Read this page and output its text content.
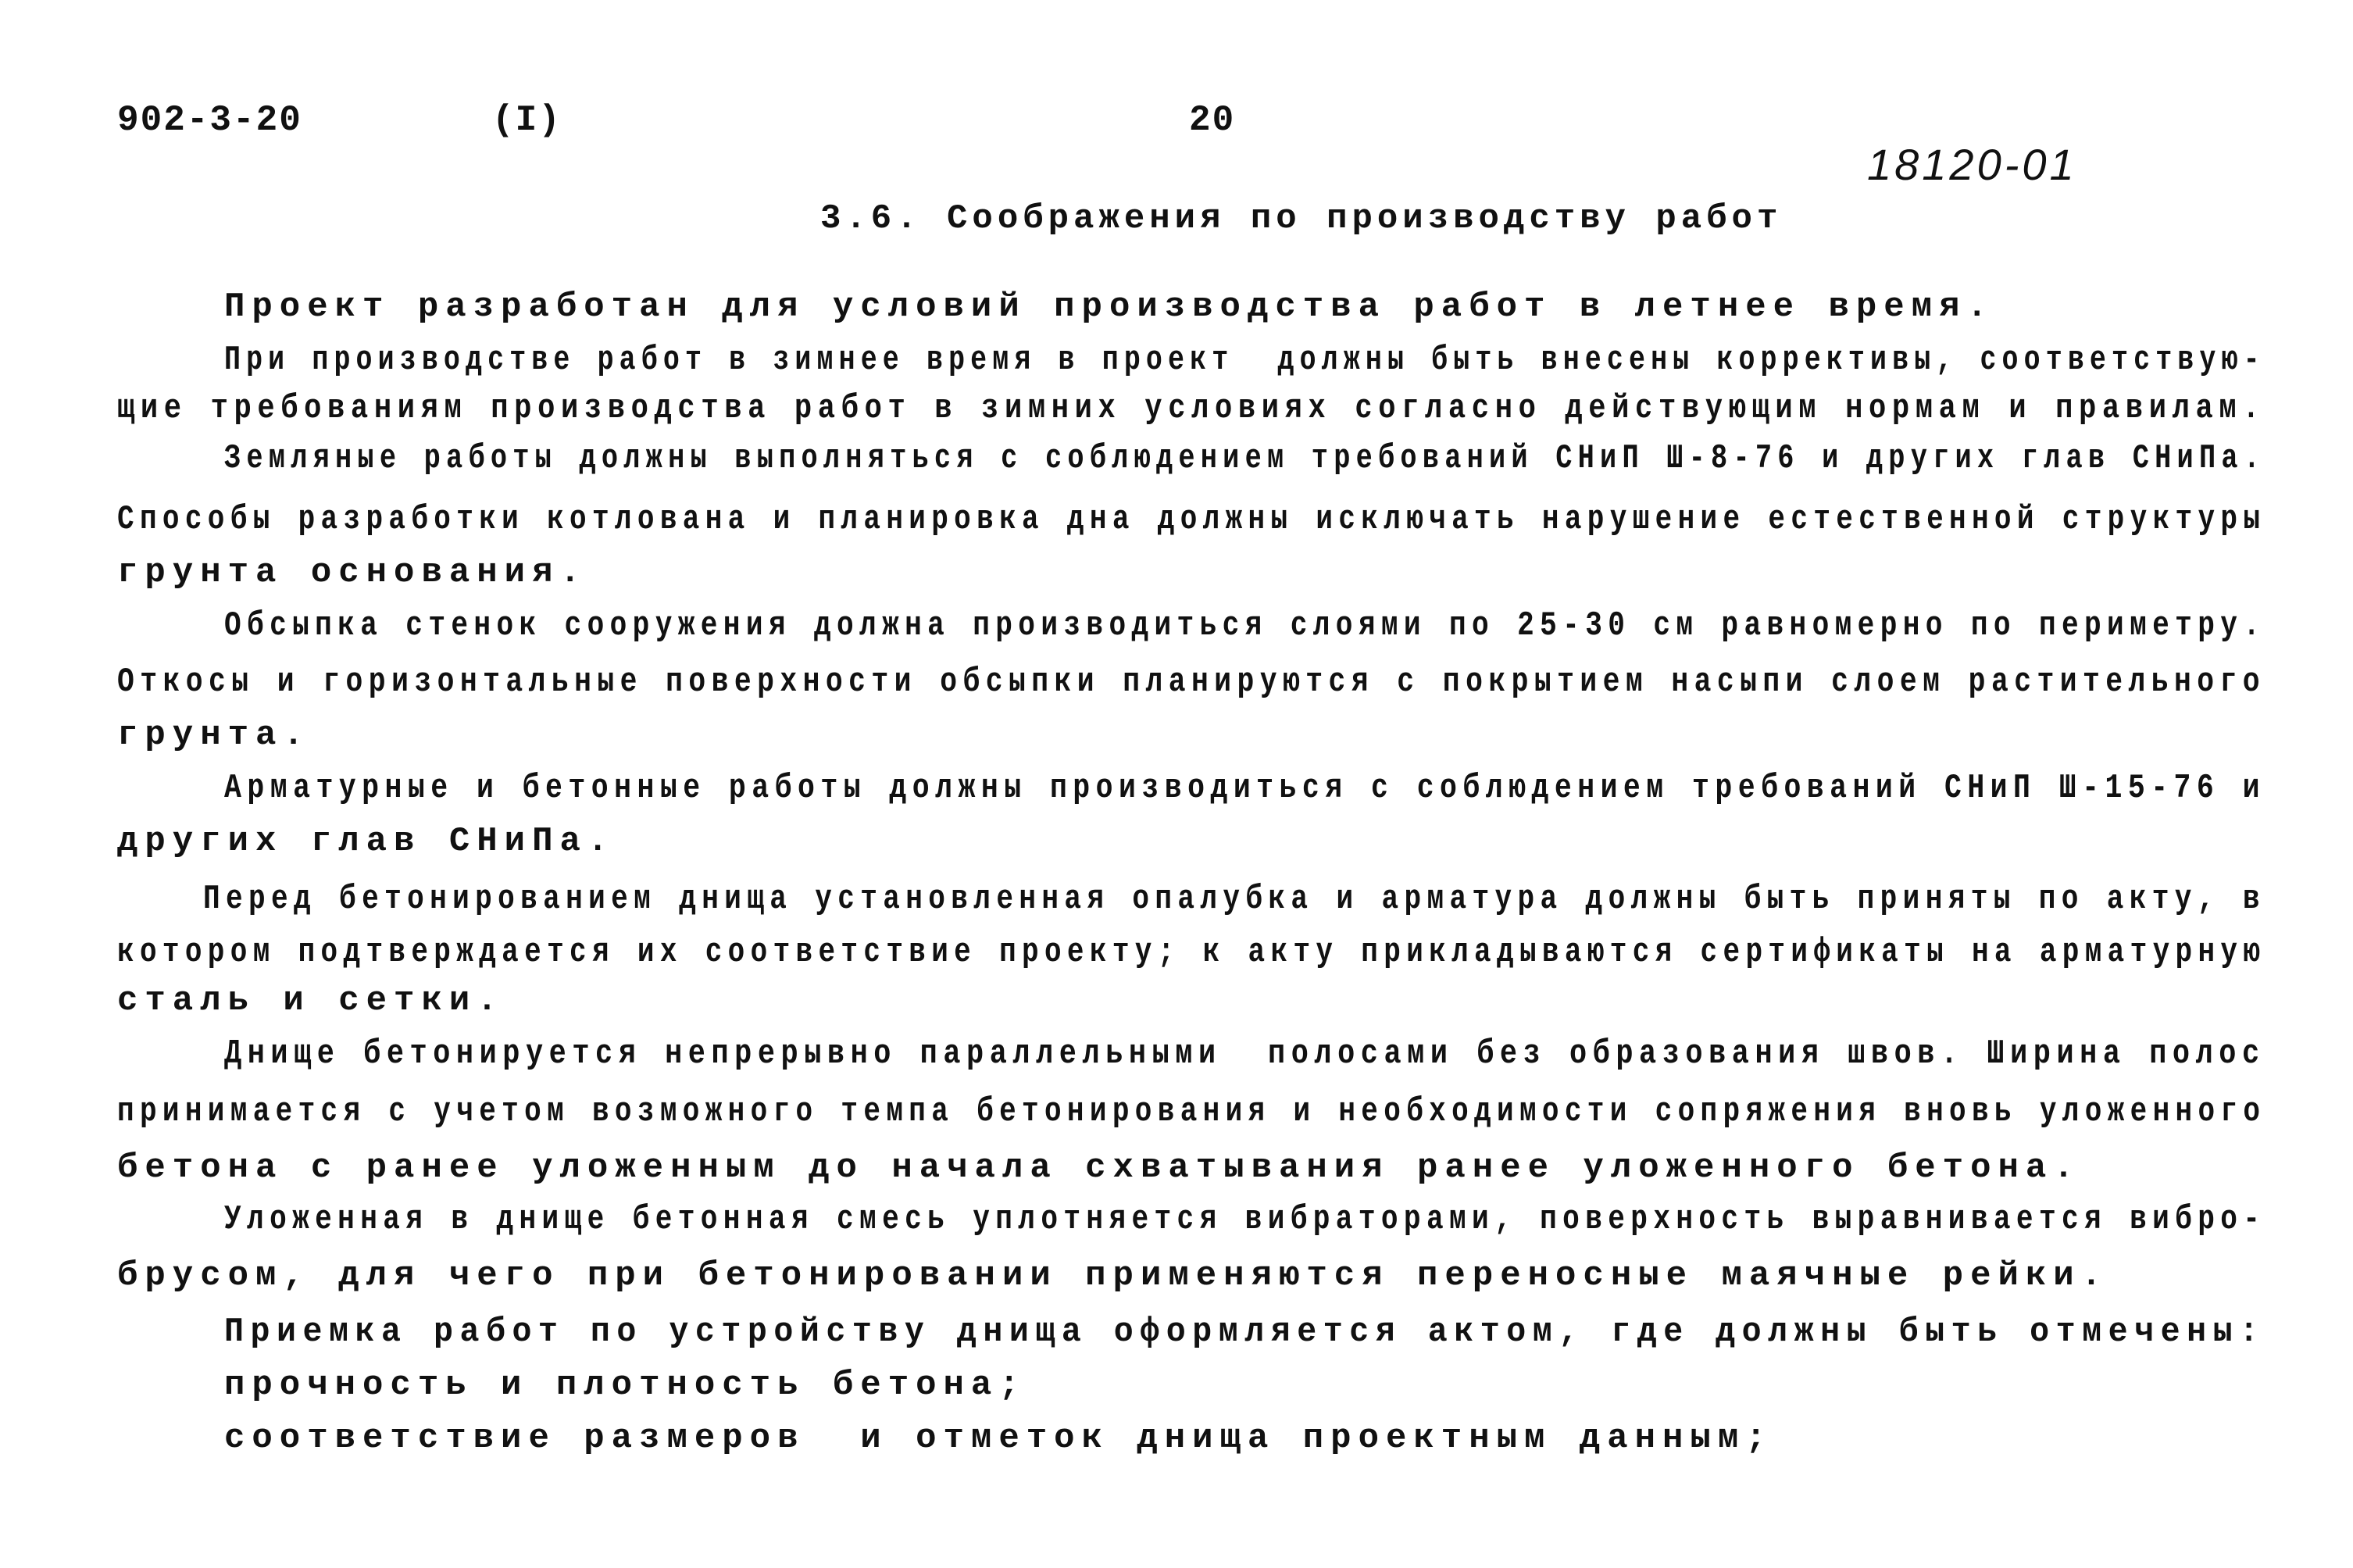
902-3-20	(I)	20
18120-01
3.6. Соображения по производству работ
Проект разработан для условий производства работ в летнее время.
При производстве работ в зимнее время в проект  должны быть внесены коррективы, соответствую-
щие требованиям производства работ в зимних условиях согласно действующим нормам и правилам.
Земляные работы должны выполняться с соблюдением требований СНиП Ш-8-76 и других глав СНиПа.
Способы разработки котлована и планировка дна должны исключать нарушение естественной структуры
грунта основания.
Обсыпка стенок сооружения должна производиться слоями по 25-30 см равномерно по периметру.
Откосы и горизонтальные поверхности обсыпки планируются с покрытием насыпи слоем растительного
грунта.
Арматурные и бетонные работы должны производиться с соблюдением требований СНиП Ш-15-76 и
других глав СНиПа.
Перед бетонированием днища установленная опалубка и арматура должны быть приняты по акту, в
котором подтверждается их соответствие проекту; к акту прикладываются сертификаты на арматурную
сталь и сетки.
Днище бетонируется непрерывно параллельными  полосами без образования швов. Ширина полос
принимается с учетом возможного темпа бетонирования и необходимости сопряжения вновь уложенного
бетона с ранее уложенным до начала схватывания ранее уложенного бетона.
Уложенная в днище бетонная смесь уплотняется вибраторами, поверхность выравнивается вибро-
брусом, для чего при бетонировании применяются переносные маячные рейки.
Приемка работ по устройству днища оформляется актом, где должны быть отмечены:
прочность и плотность бетона;
соответствие размеров  и отметок днища проектным данным;
